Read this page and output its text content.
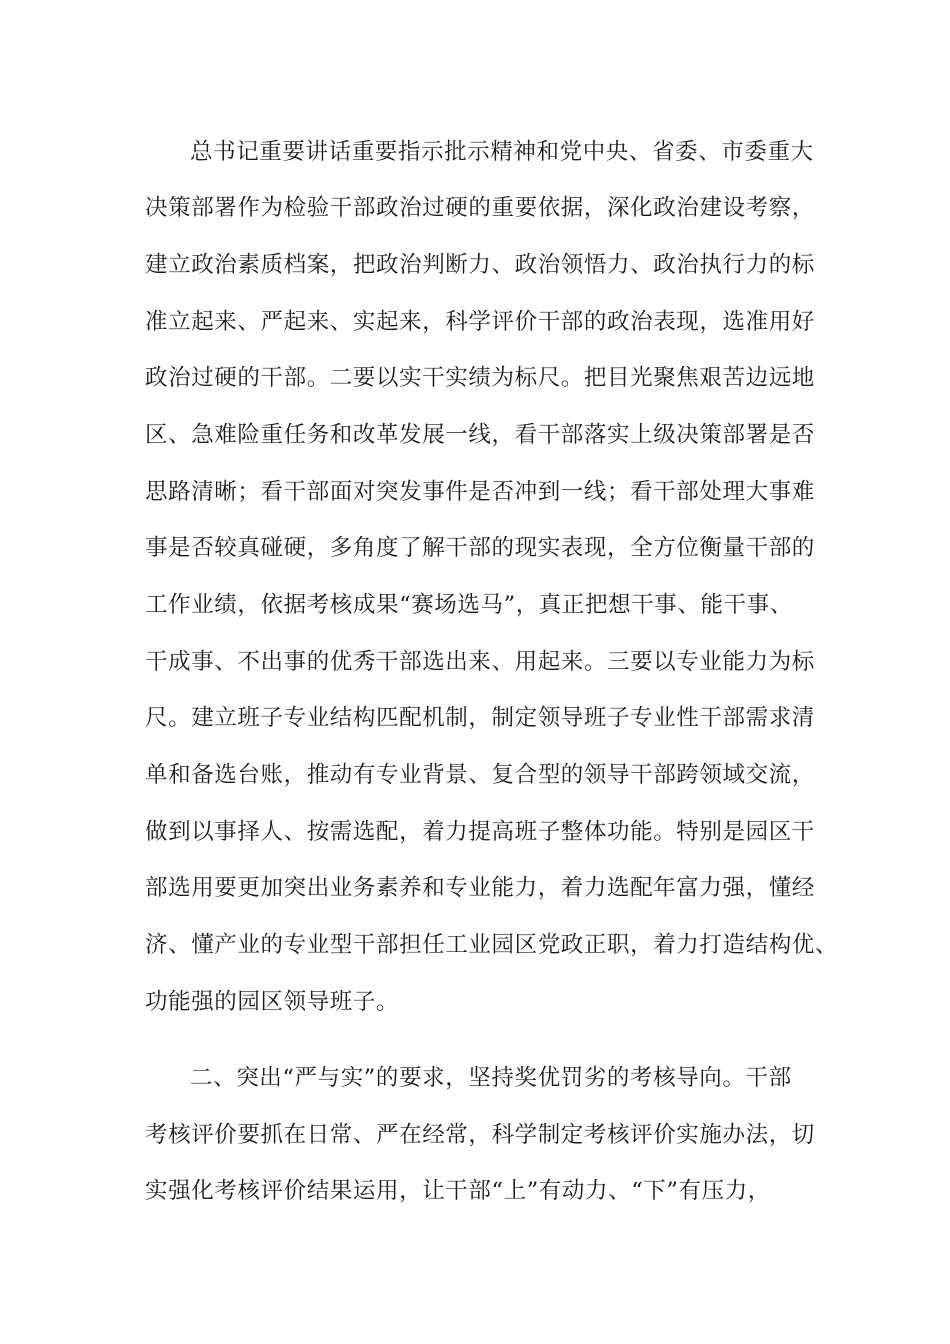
总书记重要讲话重要指示批示精神和党中央、省委、市委重大
决策部署作为检验干部政治过硬的重要依据，深化政治建设考察，
建立政治素质档案，把政治判断力、政治领悟力、政治执行力的标
准立起来、严起来、实起来，科学评价干部的政治表现，选准用好
政治过硬的干部。二要以实干实绩为标尺。把目光聚焦艰苦边远地
区、急难险重任务和改革发展一线，看干部落实上级决策部署是否
思路清晰；看干部面对突发事件是否冲到一线；看干部处理大事难
事是否较真碰硬，多角度了解干部的现实表现，全方位衡量干部的
工作业绩，依据考核成果“赛场选马”，真正把想干事、能干事、
干成事、不出事的优秀干部选出来、用起来。三要以专业能力为标
尺。建立班子专业结构匹配机制，制定领导班子专业性干部需求清
单和备选台账，推动有专业背景、复合型的领导干部跨领域交流，
做到以事择人、按需选配，着力提高班子整体功能。特别是园区干
部选用要更加突出业务素养和专业能力，着力选配年富力强，懂经
济、懂产业的专业型干部担任工业园区党政正职，着力打造结构优、
功能强的园区领导班子。
二、突出“严与实”的要求，坚持奖优罚劣的考核导向。干部
考核评价要抓在日常、严在经常，科学制定考核评价实施办法，切
实强化考核评价结果运用，让干部“上”有动力、“下”有压力，
